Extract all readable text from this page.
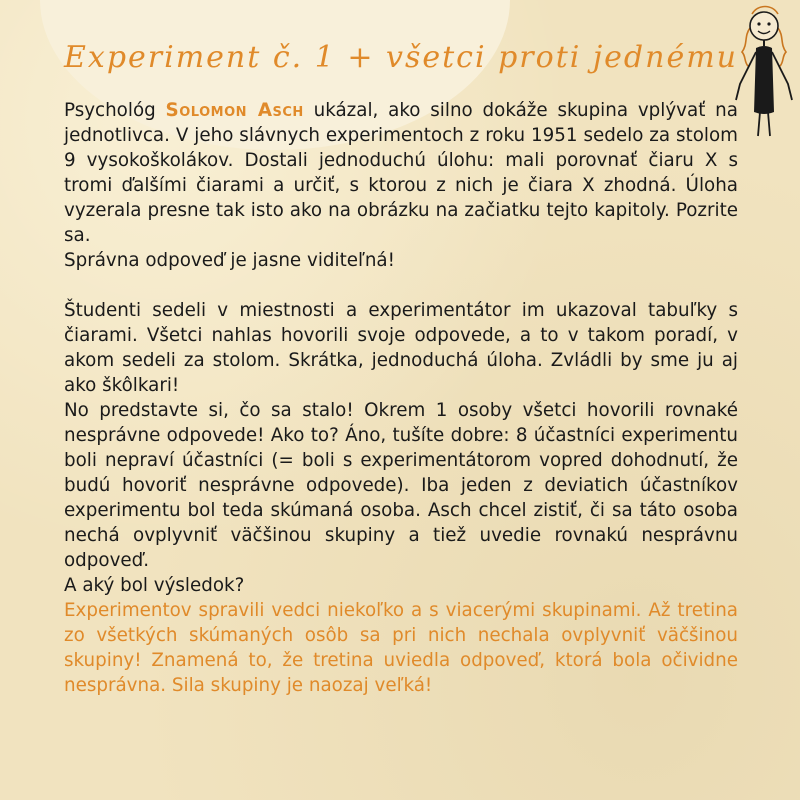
Experiment č. 1 + všetci proti jednému

Psychológ Solomon Asch ukázal, ako silno dokáže skupina vplývať na jednotlivca. V jeho slávnych experimentoch z roku 1951 sedelo za stolom 9 vysokoškolákov. Dostali jednoduchú úlohu: mali porovnať čiaru X s tromi ďalšími čiarami a určiť, s ktorou z nich je čiara X zhodná. Úloha vyzerala presne tak isto ako na obrázku na začiatku tejto kapitoly. Pozrite sa.

Správna odpoveď je jasne viditeľná!

Študenti sedeli v miestnosti a experimentátor im ukazoval tabuľky s čiarami. Všetci nahlas hovorili svoje odpovede, a to v takom poradí, v akom sedeli za stolom. Skrátka, jednoduchá úloha. Zvládli by sme ju aj ako škôlkari!

No predstavte si, čo sa stalo! Okrem 1 osoby všetci hovorili rovnaké nesprávne odpovede! Ako to? Áno, tušíte dobre: 8 účastníci experimentu boli nepraví účastníci (= boli s experimentátorom vopred dohodnutí, že budú hovoriť nesprávne odpovede). Iba jeden z deviatich účastníkov experimentu bol teda skúmaná osoba. Asch chcel zistiť, či sa táto osoba nechá ovplyvniť väčšinou skupiny a tiež uvedie rovnakú nesprávnu odpoveď.

A aký bol výsledok?

Experimentov spravili vedci niekoľko a s viacerými skupinami. Až tretina zo všetkých skúmaných osôb sa pri nich nechala ovplyvniť väčšinou skupiny! Znamená to, že tretina uviedla odpoveď, ktorá bola očividne nesprávna. Sila skupiny je naozaj veľká!
